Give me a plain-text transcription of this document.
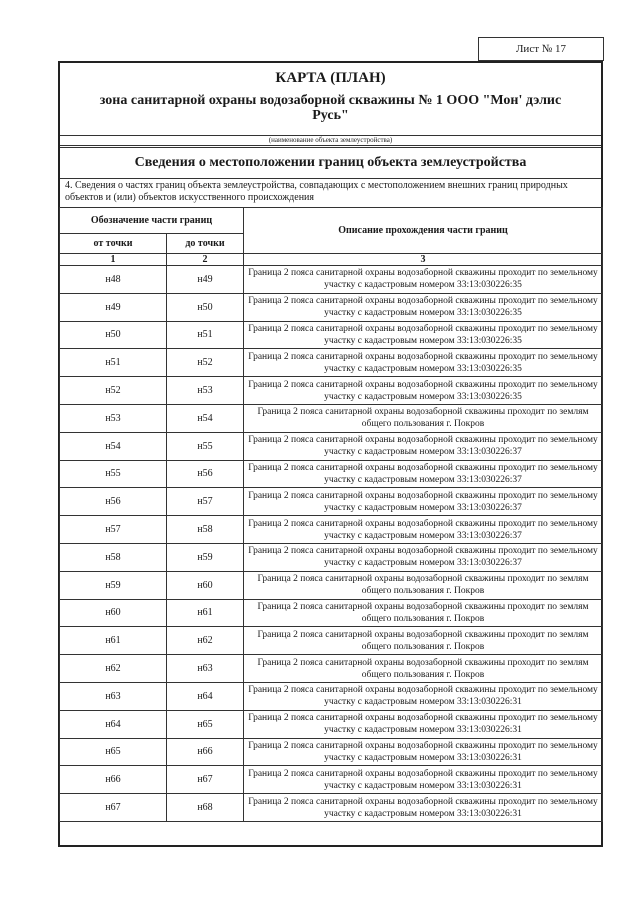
Лист № 17
КАРТА (ПЛАН)
зона санитарной охраны водозаборной скважины № 1 ООО "Мон' дэлис Русь"
(наименование объекта землеустройства)
Сведения о местоположении границ объекта землеустройства
4. Сведения о частях границ объекта землеустройства, совпадающих с местоположением внешних границ природных объектов и (или) объектов искусственного происхождения
Обозначение части границ		Описание прохождения части границ
от точки	до точки	
1	2	3
н48	н49	Граница 2 пояса санитарной охраны водозаборной скважины проходит по земельному участку с кадастровым номером 33:13:030226:35
н49	н50	Граница 2 пояса санитарной охраны водозаборной скважины проходит по земельному участку с кадастровым номером 33:13:030226:35
н50	н51	Граница 2 пояса санитарной охраны водозаборной скважины проходит по земельному участку с кадастровым номером 33:13:030226:35
н51	н52	Граница 2 пояса санитарной охраны водозаборной скважины проходит по земельному участку с кадастровым номером 33:13:030226:35
н52	н53	Граница 2 пояса санитарной охраны водозаборной скважины проходит по земельному участку с кадастровым номером 33:13:030226:35
н53	н54	Граница 2 пояса санитарной охраны водозаборной скважины проходит по землям общего пользования г. Покров
н54	н55	Граница 2 пояса санитарной охраны водозаборной скважины проходит по земельному участку с кадастровым номером 33:13:030226:37
н55	н56	Граница 2 пояса санитарной охраны водозаборной скважины проходит по земельному участку с кадастровым номером 33:13:030226:37
н56	н57	Граница 2 пояса санитарной охраны водозаборной скважины проходит по земельному участку с кадастровым номером 33:13:030226:37
н57	н58	Граница 2 пояса санитарной охраны водозаборной скважины проходит по земельному участку с кадастровым номером 33:13:030226:37
н58	н59	Граница 2 пояса санитарной охраны водозаборной скважины проходит по земельному участку с кадастровым номером 33:13:030226:37
н59	н60	Граница 2 пояса санитарной охраны водозаборной скважины проходит по землям общего пользования г. Покров
н60	н61	Граница 2 пояса санитарной охраны водозаборной скважины проходит по землям общего пользования г. Покров
н61	н62	Граница 2 пояса санитарной охраны водозаборной скважины проходит по землям общего пользования г. Покров
н62	н63	Граница 2 пояса санитарной охраны водозаборной скважины проходит по землям общего пользования г. Покров
н63	н64	Граница 2 пояса санитарной охраны водозаборной скважины проходит по земельному участку с кадастровым номером 33:13:030226:31
н64	н65	Граница 2 пояса санитарной охраны водозаборной скважины проходит по земельному участку с кадастровым номером 33:13:030226:31
н65	н66	Граница 2 пояса санитарной охраны водозаборной скважины проходит по земельному участку с кадастровым номером 33:13:030226:31
н66	н67	Граница 2 пояса санитарной охраны водозаборной скважины проходит по земельному участку с кадастровым номером 33:13:030226:31
н67	н68	Граница 2 пояса санитарной охраны водозаборной скважины проходит по земельному участку с кадастровым номером 33:13:030226:31
